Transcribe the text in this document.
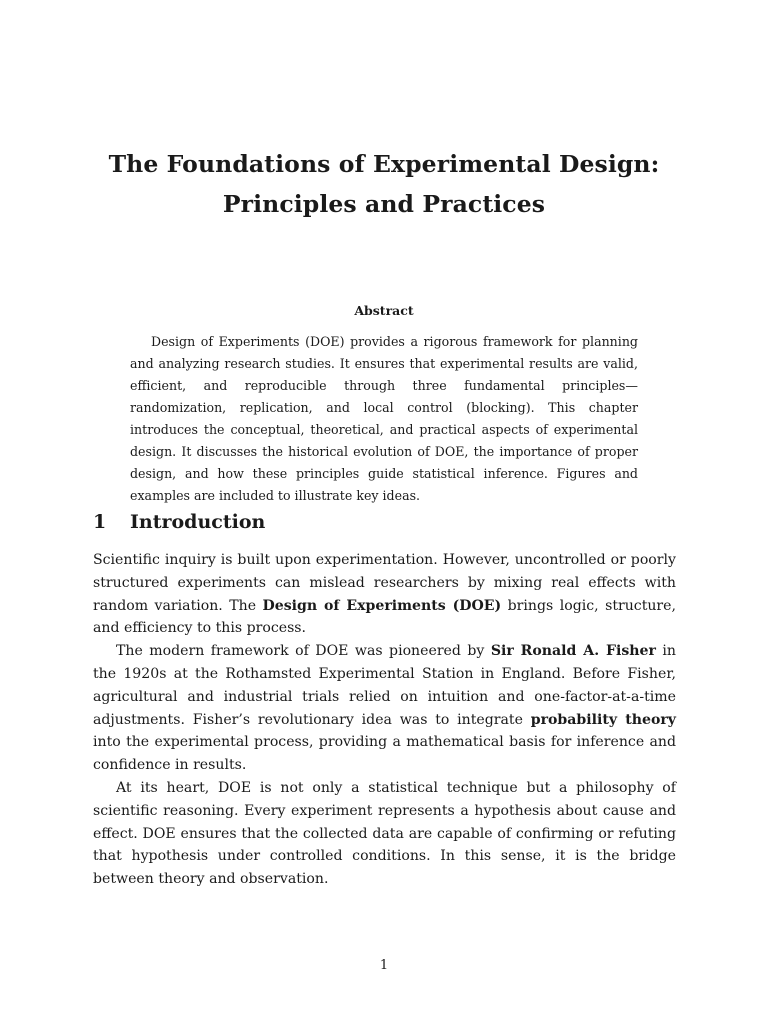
The Foundations of Experimental Design:
Principles and Practices
Abstract

Design of Experiments (DOE) provides a rigorous framework for planning and analyzing research studies. It ensures that experimental results are valid, efficient, and reproducible through three fundamental principles—randomization, replication, and local control (blocking). This chapter introduces the conceptual, theoretical, and practical aspects of experimental design. It discusses the historical evolution of DOE, the importance of proper design, and how these principles guide statistical inference. Figures and examples are included to illustrate key ideas.

1 Introduction

Scientific inquiry is built upon experimentation. However, uncontrolled or poorly structured experiments can mislead researchers by mixing real effects with random variation. The Design of Experiments (DOE) brings logic, structure, and efficiency to this process.

The modern framework of DOE was pioneered by Sir Ronald A. Fisher in the 1920s at the Rothamsted Experimental Station in England. Before Fisher, agricultural and industrial trials relied on intuition and one-factor-at-a-time adjustments. Fisher’s revolutionary idea was to integrate probability theory into the experimental process, providing a mathematical basis for inference and confidence in results.

At its heart, DOE is not only a statistical technique but a philosophy of scientific reasoning. Every experiment represents a hypothesis about cause and effect. DOE ensures that the collected data are capable of confirming or refuting that hypothesis under controlled conditions. In this sense, it is the bridge between theory and observation.

1
